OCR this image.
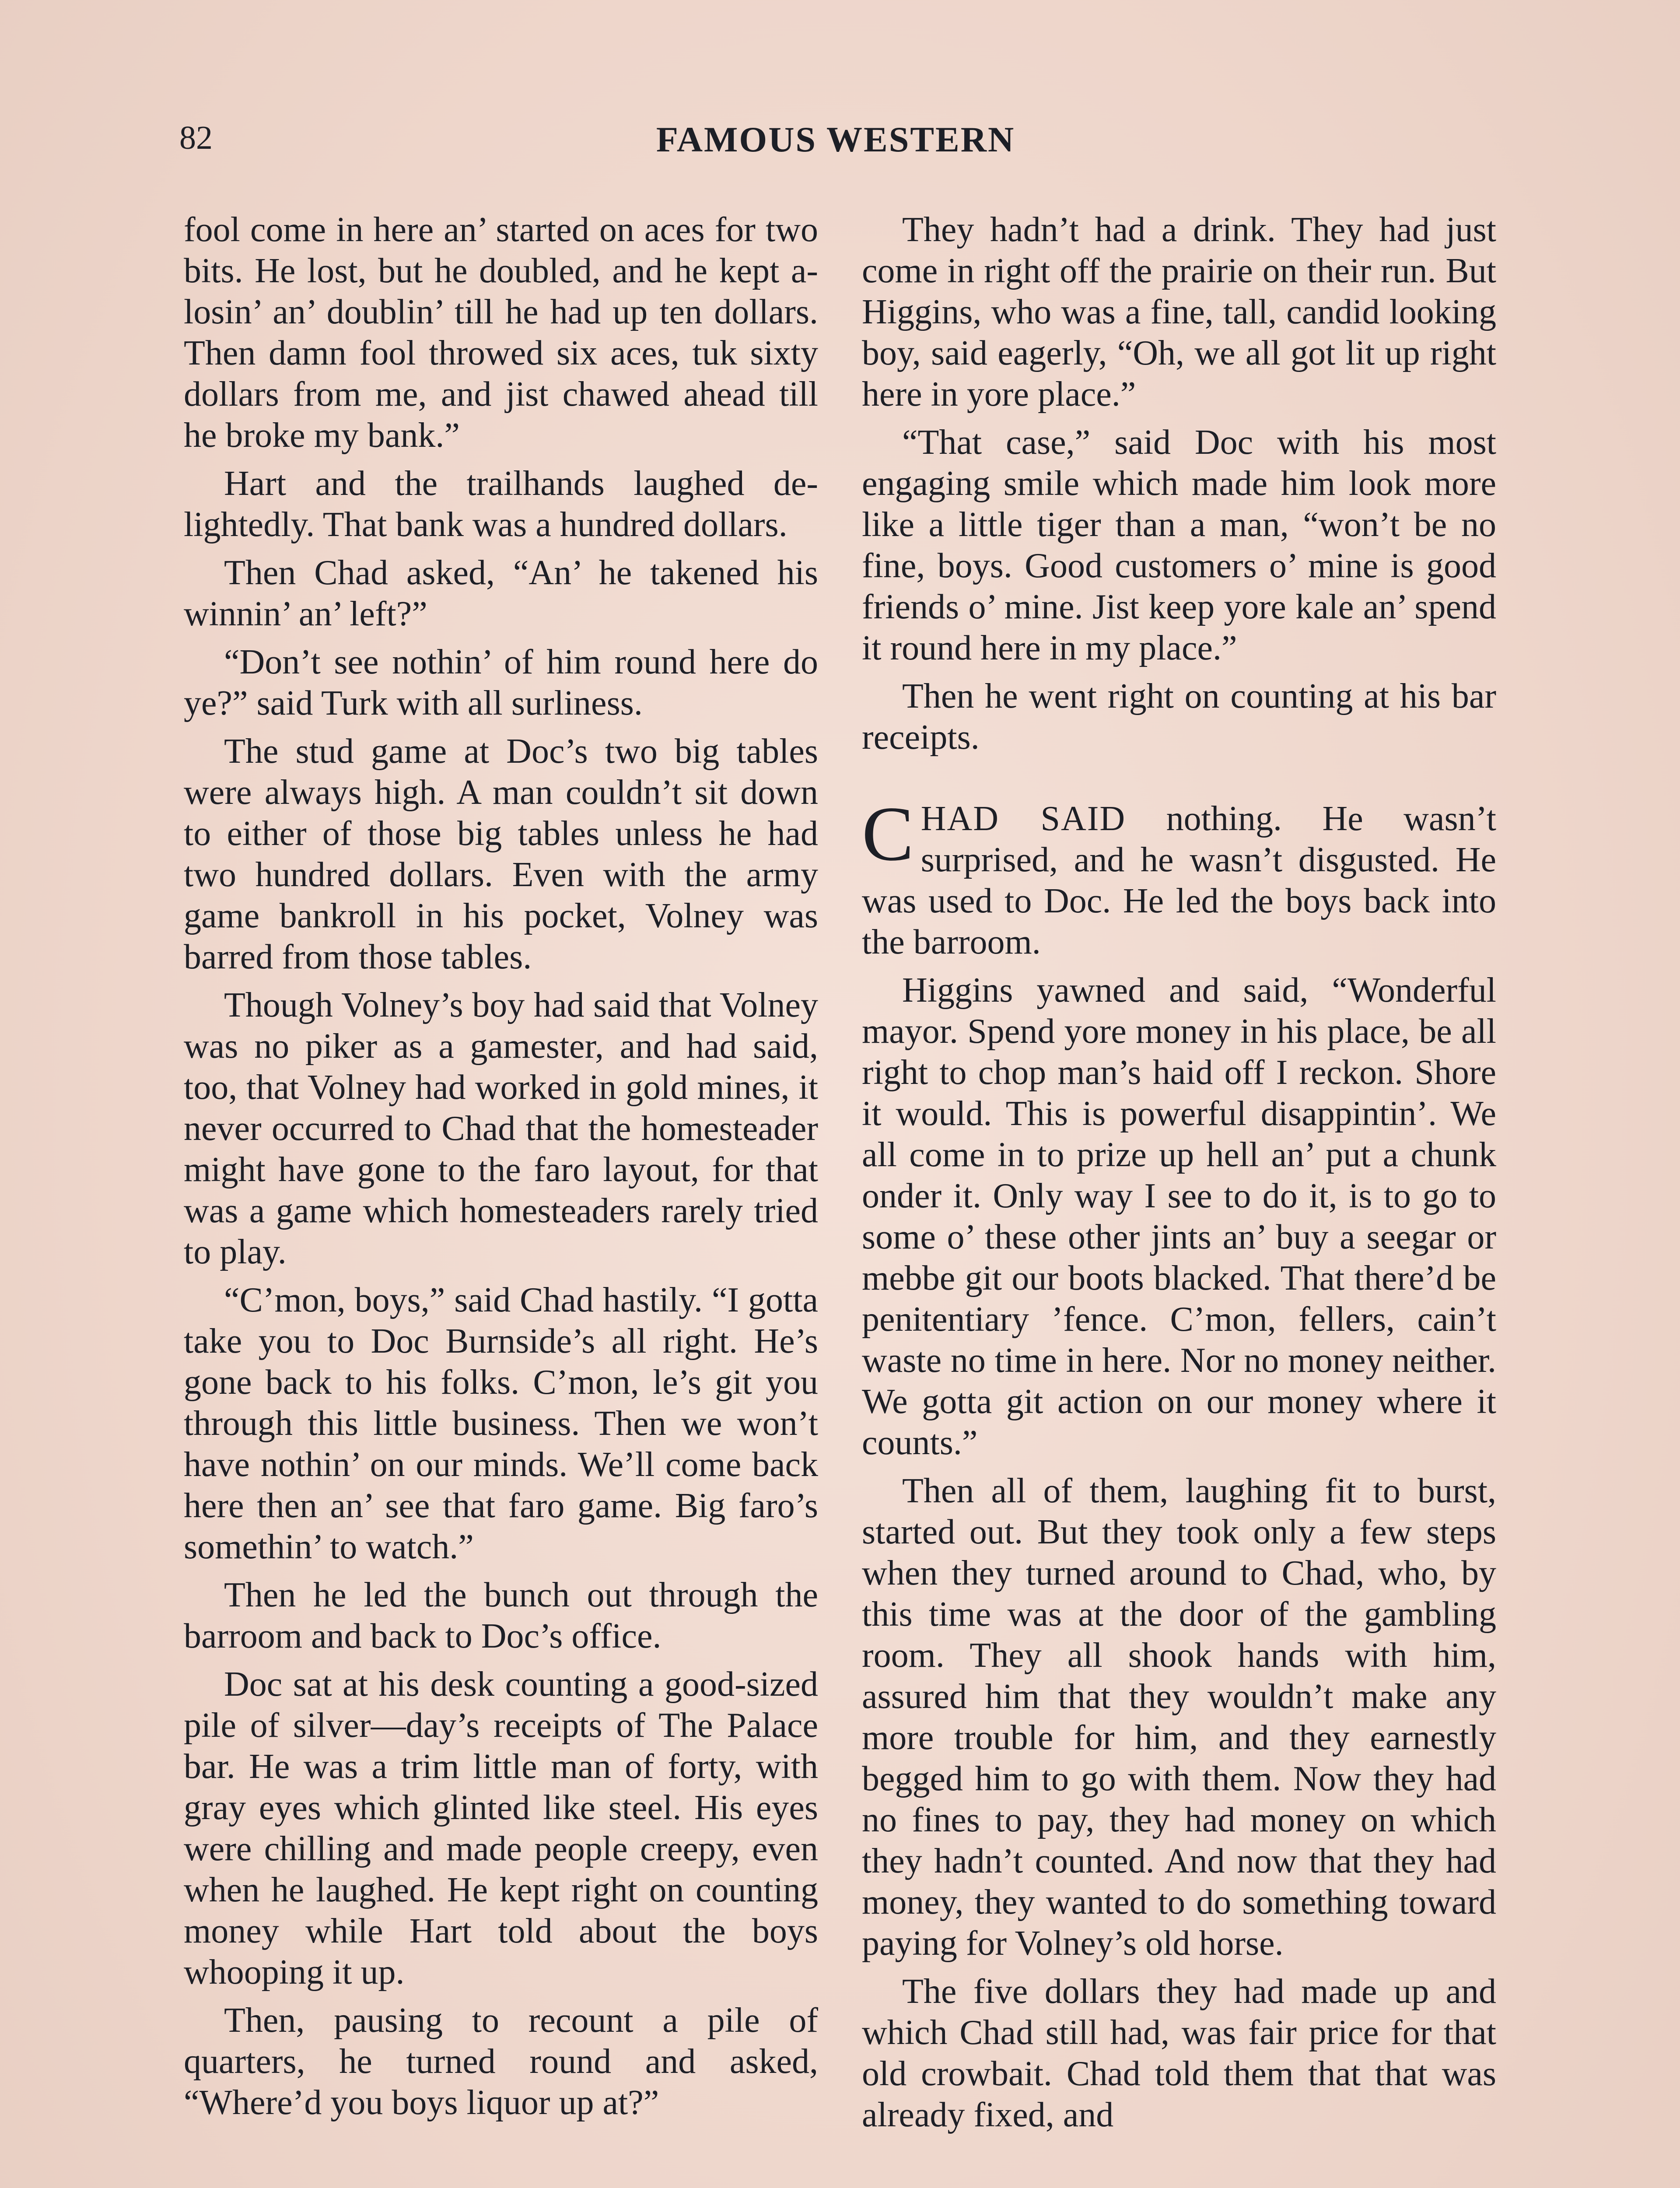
82	FAMOUS WESTERN

fool come in here an’ started on aces for two bits. He lost, but he doubled, and he kept a-losin’ an’ doublin’ till he had up ten dollars. Then damn fool throwed six aces, tuk sixty dollars from me, and jist chawed ahead till he broke my bank.”

Hart and the trailhands laughed delightedly. That bank was a hundred dollars.

Then Chad asked, “An’ he takened his winnin’ an’ left?”

“Don’t see nothin’ of him round here do ye?” said Turk with all surliness.

The stud game at Doc’s two big tables were always high. A man couldn’t sit down to either of those big tables unless he had two hundred dollars. Even with the army game bankroll in his pocket, Volney was barred from those tables.

Though Volney’s boy had said that Volney was no piker as a gamester, and had said, too, that Volney had worked in gold mines, it never occurred to Chad that the homesteader might have gone to the faro layout, for that was a game which homesteaders rarely tried to play.

“C’mon, boys,” said Chad hastily. “I gotta take you to Doc Burnside’s all right. He’s gone back to his folks. C’mon, le’s git you through this little business. Then we won’t have nothin’ on our minds. We’ll come back here then an’ see that faro game. Big faro’s somethin’ to watch.”

Then he led the bunch out through the barroom and back to Doc’s office.

Doc sat at his desk counting a good-sized pile of silver—day’s receipts of The Palace bar. He was a trim little man of forty, with gray eyes which glinted like steel. His eyes were chilling and made people creepy, even when he laughed. He kept right on counting money while Hart told about the boys whooping it up.

Then, pausing to recount a pile of quarters, he turned round and asked, “Where’d you boys liquor up at?”

They hadn’t had a drink. They had just come in right off the prairie on their run. But Higgins, who was a fine, tall, candid looking boy, said eagerly, “Oh, we all got lit up right here in yore place.”

“That case,” said Doc with his most engaging smile which made him look more like a little tiger than a man, “won’t be no fine, boys. Good customers o’ mine is good friends o’ mine. Jist keep yore kale an’ spend it round here in my place.”

Then he went right on counting at his bar receipts.

CHAD SAID nothing. He wasn’t surprised, and he wasn’t disgusted. He was used to Doc. He led the boys back into the barroom.

Higgins yawned and said, “Wonderful mayor. Spend yore money in his place, be all right to chop man’s haid off I reckon. Shore it would. This is powerful disappintin’. We all come in to prize up hell an’ put a chunk onder it. Only way I see to do it, is to go to some o’ these other jints an’ buy a seegar or mebbe git our boots blacked. That there’d be penitentiary ’fence. C’mon, fellers, cain’t waste no time in here. Nor no money neither. We gotta git action on our money where it counts.”

Then all of them, laughing fit to burst, started out. But they took only a few steps when they turned around to Chad, who, by this time was at the door of the gambling room. They all shook hands with him, assured him that they wouldn’t make any more trouble for him, and they earnestly begged him to go with them. Now they had no fines to pay, they had money on which they hadn’t counted. And now that they had money, they wanted to do something toward paying for Volney’s old horse.

The five dollars they had made up and which Chad still had, was fair price for that old crowbait. Chad told them that that was already fixed, and
